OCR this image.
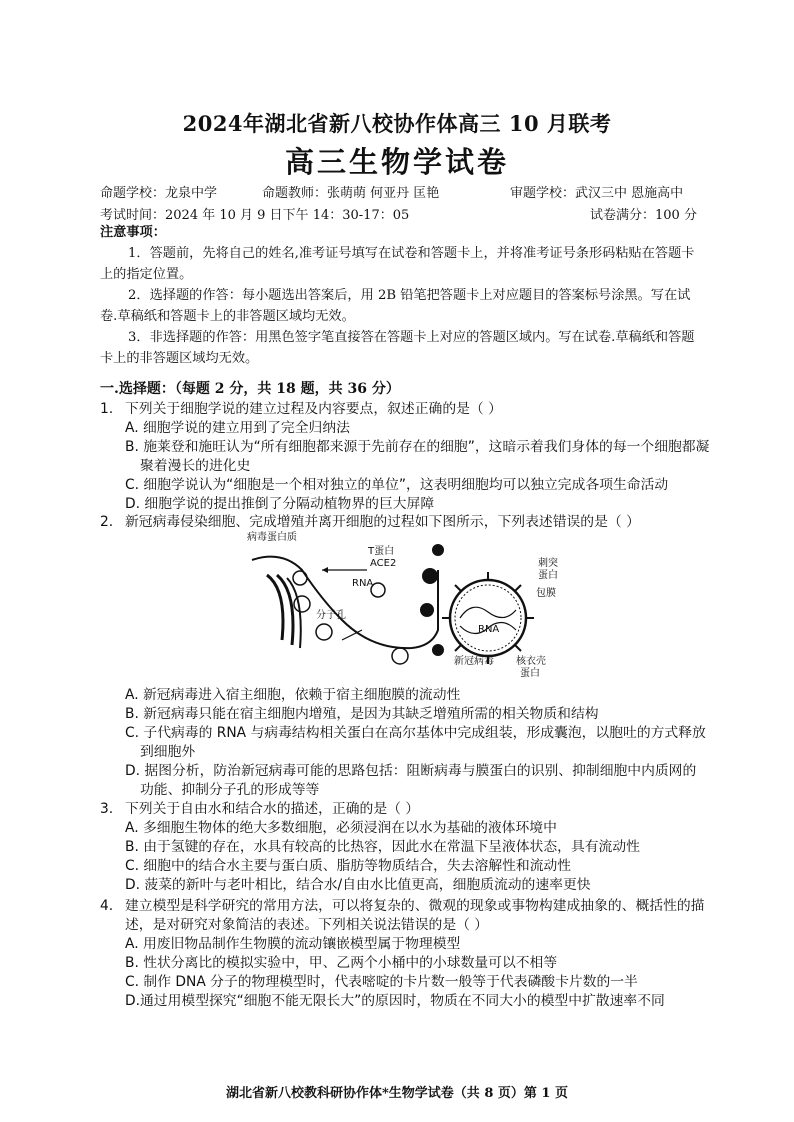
2024年湖北省新八校协作体高三 10 月联考
高三生物学试卷
命题学校：龙泉中学	命题教师：张萌萌 何亚丹 匡艳	审题学校：武汉三中 恩施高中
考试时间：2024 年 10 月 9 日下午 14：30-17：05	试卷满分：100 分
注意事项：

1．答题前，先将自己的姓名,准考证号填写在试卷和答题卡上，并将准考证号条形码粘贴在答题卡上的指定位置。

2．选择题的作答：每小题选出答案后，用 2B 铅笔把答题卡上对应题目的答案标号涂黑。写在试卷.草稿纸和答题卡上的非答题区域均无效。

3．非选择题的作答：用黑色签字笔直接答在答题卡上对应的答题区域内。写在试卷.草稿纸和答题卡上的非答题区域均无效。

一.选择题：（每题 2 分，共 18 题，共 36 分）
1. 下列关于细胞学说的建立过程及内容要点，叙述正确的是（ ）
A. 细胞学说的建立用到了完全归纳法
B. 施莱登和施旺认为“所有细胞都来源于先前存在的细胞”，这暗示着我们身体的每一个细胞都凝聚着漫长的进化史
C. 细胞学说认为“细胞是一个相对独立的单位”，这表明细胞均可以独立完成各项生命活动
D. 细胞学说的提出推倒了分隔动植物界的巨大屏障
2. 新冠病毒侵染细胞、完成增殖并离开细胞的过程如下图所示，下列表述错误的是（ ）
病毒蛋白质
T蛋白
ACE2
RNA
分子孔
刺突
蛋白
包膜
RNA
新冠病毒 核衣壳
蛋白
A. 新冠病毒进入宿主细胞，依赖于宿主细胞膜的流动性
B. 新冠病毒只能在宿主细胞内增殖，是因为其缺乏增殖所需的相关物质和结构
C. 子代病毒的 RNA 与病毒结构相关蛋白在高尔基体中完成组装，形成囊泡，以胞吐的方式释放到细胞外
D. 据图分析，防治新冠病毒可能的思路包括：阻断病毒与膜蛋白的识别、抑制细胞中内质网的功能、抑制分子孔的形成等等
3. 下列关于自由水和结合水的描述，正确的是（ ）
A. 多细胞生物体的绝大多数细胞，必须浸润在以水为基础的液体环境中
B. 由于氢键的存在，水具有较高的比热容，因此水在常温下呈液体状态，具有流动性
C. 细胞中的结合水主要与蛋白质、脂肪等物质结合，失去溶解性和流动性
D. 菠菜的新叶与老叶相比，结合水/自由水比值更高，细胞质流动的速率更快
4. 建立模型是科学研究的常用方法，可以将复杂的、微观的现象或事物构建成抽象的、概括性的描述，是对研究对象简洁的表述。下列相关说法错误的是（ ）
A. 用废旧物品制作生物膜的流动镶嵌模型属于物理模型
B. 性状分离比的模拟实验中，甲、乙两个小桶中的小球数量可以不相等
C. 制作 DNA 分子的物理模型时，代表嘧啶的卡片数一般等于代表磷酸卡片数的一半
D.通过用模型探究“细胞不能无限长大”的原因时，物质在不同大小的模型中扩散速率不同
湖北省新八校教科研协作体*生物学试卷（共 8 页）第 1 页
